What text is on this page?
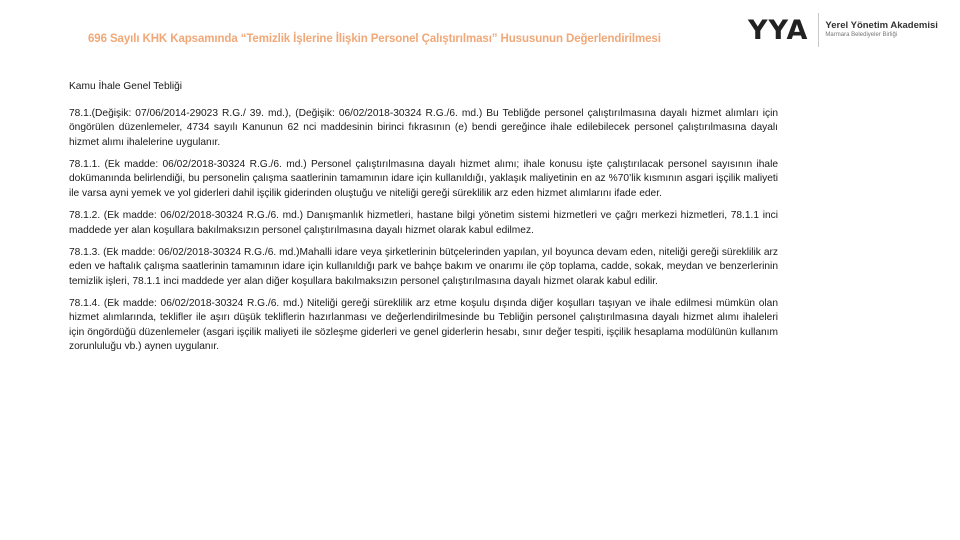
696 Sayılı KHK Kapsamında “Temizlik İşlerine İlişkin Personel Çalıştırılması” Hususunun Değerlendirilmesi	YYA Yerel Yönetim Akademisi
Marmara Belediyeler Birliği

Kamu İhale Genel Tebliği

78.1.(Değişik: 07/06/2014-29023 R.G./ 39. md.), (Değişik: 06/02/2018-30324 R.G./6. md.) Bu Tebliğde personel çalıştırılmasına dayalı hizmet alımları için öngörülen düzenlemeler, 4734 sayılı Kanunun 62 nci maddesinin birinci fıkrasının (e) bendi gereğince ihale edilebilecek personel çalıştırılmasına dayalı hizmet alımı ihalelerine uygulanır.

78.1.1. (Ek madde: 06/02/2018-30324 R.G./6. md.) Personel çalıştırılmasına dayalı hizmet alımı; ihale konusu işte çalıştırılacak personel sayısının ihale dokümanında belirlendiği, bu personelin çalışma saatlerinin tamamının idare için kullanıldığı, yaklaşık maliyetinin en az %70’lik kısmının asgari işçilik maliyeti ile varsa ayni yemek ve yol giderleri dahil işçilik giderinden oluştuğu ve niteliği gereği süreklilik arz eden hizmet alımlarını ifade eder.

78.1.2. (Ek madde: 06/02/2018-30324 R.G./6. md.) Danışmanlık hizmetleri, hastane bilgi yönetim sistemi hizmetleri ve çağrı merkezi hizmetleri, 78.1.1 inci maddede yer alan koşullara bakılmaksızın personel çalıştırılmasına dayalı hizmet olarak kabul edilmez.

78.1.3. (Ek madde: 06/02/2018-30324 R.G./6. md.)Mahalli idare veya şirketlerinin bütçelerinden yapılan, yıl boyunca devam eden, niteliği gereği süreklilik arz eden ve haftalık çalışma saatlerinin tamamının idare için kullanıldığı park ve bahçe bakım ve onarımı ile çöp toplama, cadde, sokak, meydan ve benzerlerinin temizlik işleri, 78.1.1 inci maddede yer alan diğer koşullara bakılmaksızın personel çalıştırılmasına dayalı hizmet olarak kabul edilir.

78.1.4. (Ek madde: 06/02/2018-30324 R.G./6. md.) Niteliği gereği süreklilik arz etme koşulu dışında diğer koşulları taşıyan ve ihale edilmesi mümkün olan hizmet alımlarında, teklifler ile aşırı düşük tekliflerin hazırlanması ve değerlendirilmesinde bu Tebliğin personel çalıştırılmasına dayalı hizmet alımı ihaleleri için öngördüğü düzenlemeler (asgari işçilik maliyeti ile sözleşme giderleri ve genel giderlerin hesabı, sınır değer tespiti, işçilik hesaplama modülünün kullanım zorunluluğu vb.) aynen uygulanır.
